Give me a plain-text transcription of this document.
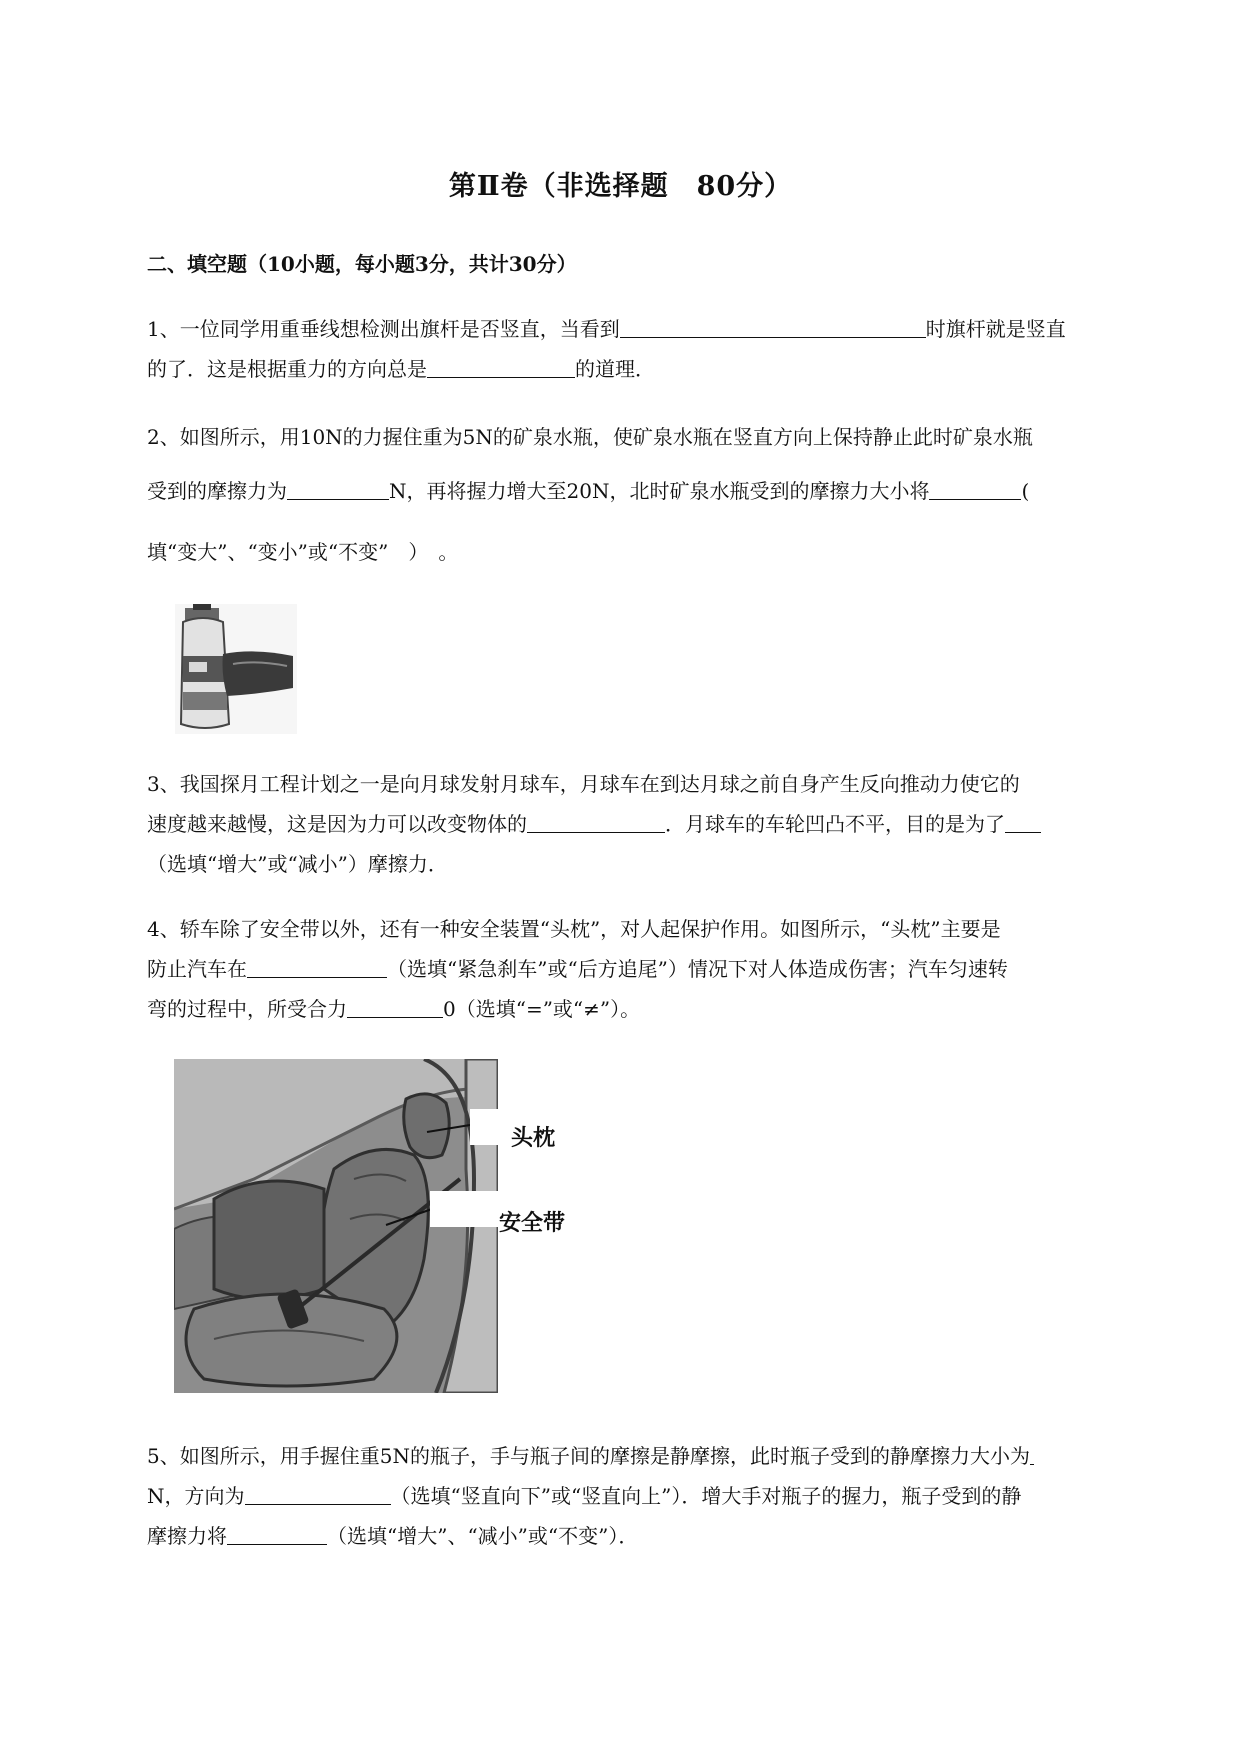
第Ⅱ卷（非选择题　80分）
二、填空题（10小题，每小题3分，共计30分）
1、一位同学用重垂线想检测出旗杆是否竖直，当看到	时旗杆就是竖直
的了．这是根据重力的方向总是	的道理．
2、如图所示，用10N的力握住重为5N的矿泉水瓶，使矿泉水瓶在竖直方向上保持静止此时矿泉水瓶
受到的摩擦力为	N，再将握力增大至20N，北时矿泉水瓶受到的摩擦力大小将	(
填“变大”、“变小”或“不变”　）　。
3、我国探月工程计划之一是向月球发射月球车，月球车在到达月球之前自身产生反向推动力使它的
速度越来越慢，这是因为力可以改变物体的	．月球车的车轮凹凸不平，目的是为了
（选填“增大”或“减小”）摩擦力．
4、轿车除了安全带以外，还有一种安全装置“头枕”，对人起保护作用。如图所示，“头枕”主要是
防止汽车在	（选填“紧急刹车”或“后方追尾”）情况下对人体造成伤害；汽车匀速转
弯的过程中，所受合力	0（选填“=”或“≠”）。
头枕
安全带
5、如图所示，用手握住重5N的瓶子，手与瓶子间的摩擦是静摩擦，此时瓶子受到的静摩擦力大小为
N，方向为	（选填“竖直向下”或“竖直向上”）．增大手对瓶子的握力，瓶子受到的静
摩擦力将	（选填“增大”、“减小”或“不变”）．
